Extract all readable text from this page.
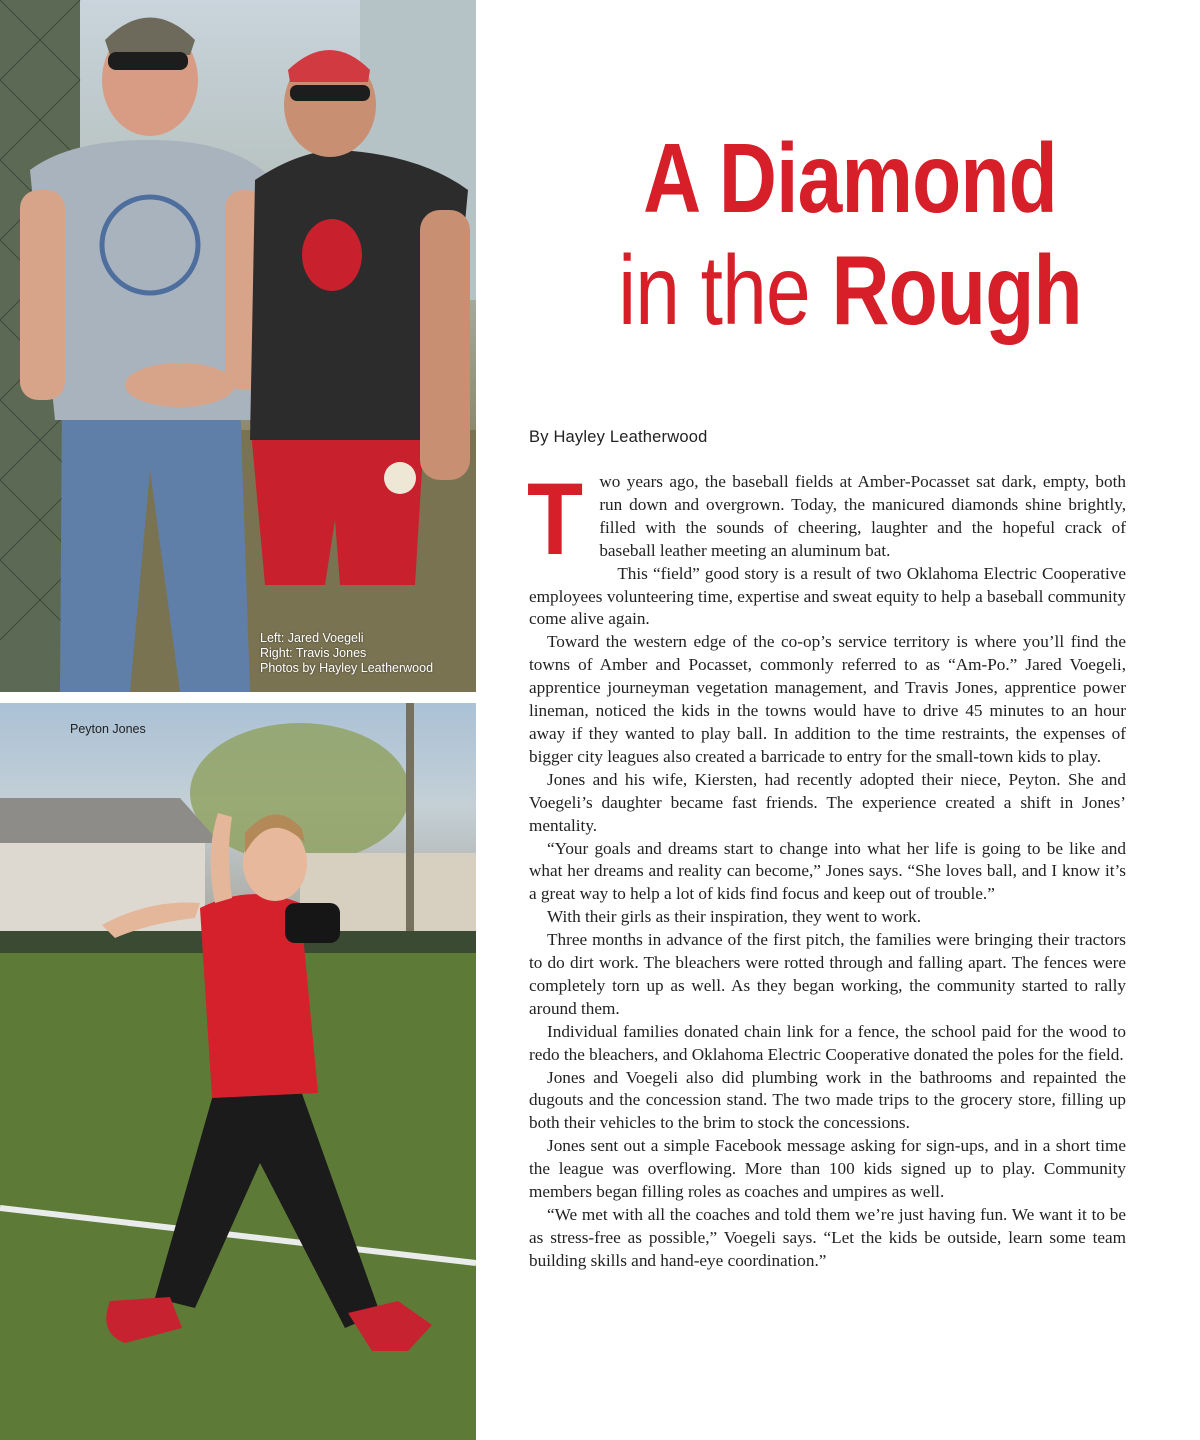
Left: Jared Voegeli
Right: Travis Jones
Photos by Hayley Leatherwood
Peyton Jones
A Diamond
in the Rough
By Hayley Leatherwood

Two years ago, the baseball fields at Amber-Pocasset sat dark, empty, both run down and overgrown. Today, the manicured diamonds shine brightly, filled with the sounds of cheering, laughter and the hopeful crack of baseball leather meeting an aluminum bat.

This “field” good story is a result of two Oklahoma Electric Cooperative employees volunteering time, expertise and sweat equity to help a baseball community come alive again.

Toward the western edge of the co-op’s service territory is where you’ll find the towns of Amber and Pocasset, commonly referred to as “Am-Po.” Jared Voegeli, apprentice journeyman vegetation management, and Travis Jones, apprentice power lineman, noticed the kids in the towns would have to drive 45 minutes to an hour away if they wanted to play ball. In addition to the time restraints, the expenses of bigger city leagues also created a barricade to entry for the small-town kids to play.

Jones and his wife, Kiersten, had recently adopted their niece, Peyton. She and Voegeli’s daughter became fast friends. The experience created a shift in Jones’ mentality.

“Your goals and dreams start to change into what her life is going to be like and what her dreams and reality can become,” Jones says. “She loves ball, and I know it’s a great way to help a lot of kids find focus and keep out of trouble.”

With their girls as their inspiration, they went to work.

Three months in advance of the first pitch, the families were bringing their tractors to do dirt work. The bleachers were rotted through and falling apart. The fences were completely torn up as well. As they began working, the community started to rally around them.

Individual families donated chain link for a fence, the school paid for the wood to redo the bleachers, and Oklahoma Electric Cooperative donated the poles for the field.

Jones and Voegeli also did plumbing work in the bathrooms and repainted the dugouts and the concession stand. The two made trips to the grocery store, filling up both their vehicles to the brim to stock the concessions.

Jones sent out a simple Facebook message asking for sign-ups, and in a short time the league was overflowing. More than 100 kids signed up to play. Community members began filling roles as coaches and umpires as well.

“We met with all the coaches and told them we’re just having fun. We want it to be as stress-free as possible,” Voegeli says. “Let the kids be outside, learn some team building skills and hand-eye coordination.”
